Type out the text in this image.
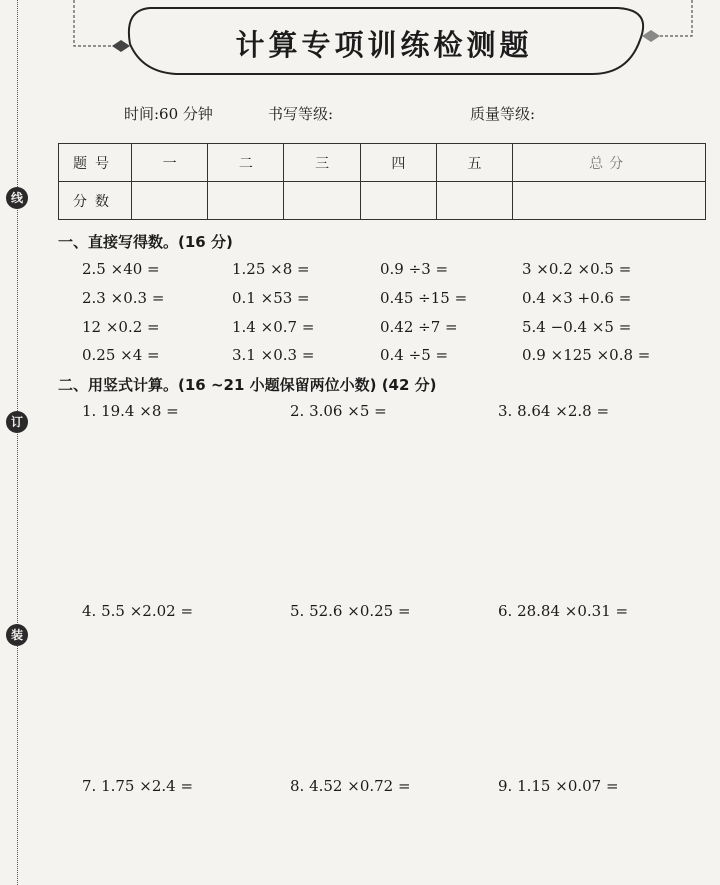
线
订
装
计算专项训练检测题
时间:60 分钟	书写等级:	质量等级:
题号	一	二	三	四	五	总分
分数						
一、直接写得数。(16 分)
2.5 ×40 =	1.25 ×8 =	0.9 ÷3 =	3 ×0.2 ×0.5 =
2.3 ×0.3 =	0.1 ×53 =	0.45 ÷15 =	0.4 ×3 +0.6 =
12 ×0.2 =	1.4 ×0.7 =	0.42 ÷7 =	5.4 −0.4 ×5 =
0.25 ×4 =	3.1 ×0.3 =	0.4 ÷5 =	0.9 ×125 ×0.8 =
二、用竖式计算。(16 ~21 小题保留两位小数) (42 分)
1. 19.4 ×8 =	2. 3.06 ×5 =	3. 8.64 ×2.8 =
4. 5.5 ×2.02 =	5. 52.6 ×0.25 =	6. 28.84 ×0.31 =
7. 1.75 ×2.4 =	8. 4.52 ×0.72 =	9. 1.15 ×0.07 =
